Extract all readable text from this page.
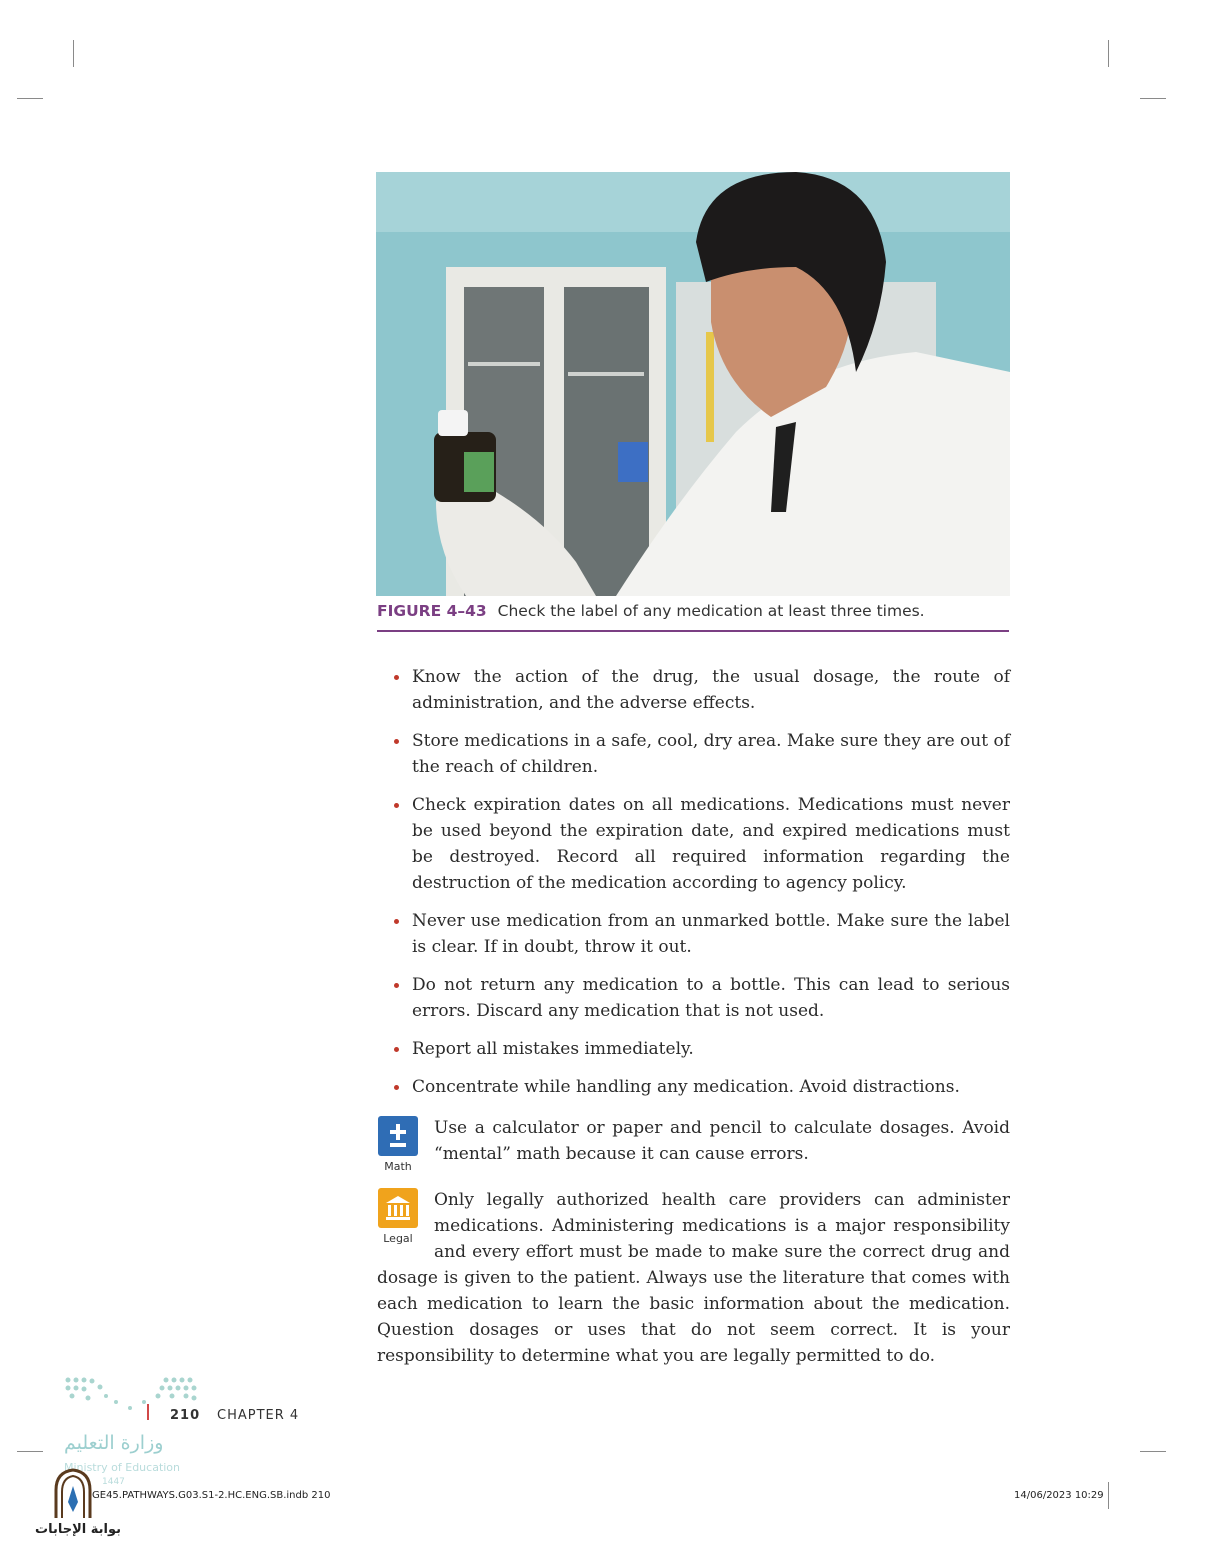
FIGURE 4–43 Check the label of any medication at least three times.
Know the action of the drug, the usual dosage, the route of administration, and the adverse effects.
Store medications in a safe, cool, dry area. Make sure they are out of the reach of children.
Check expiration dates on all medications. Medications must never be used beyond the expiration date, and expired medications must be destroyed. Record all required information regarding the destruction of the medication according to agency policy.
Never use medication from an unmarked bottle. Make sure the label is clear. If in doubt, throw it out.
Do not return any medication to a bottle. This can lead to serious errors. Discard any medication that is not used.
Report all mistakes immediately.
Concentrate while handling any medication. Avoid distractions.
Math
Use a calculator or paper and pencil to calculate dosages. Avoid “mental” math because it can cause errors.
Legal
Only legally authorized health care providers can administer medications. Administering medications is a major responsibility and every effort must be made to make sure the correct drug and dosage is given to the patient. Always use the literature that comes with each medication to learn the basic information about the medication. Question dosages or uses that do not seem correct. It is your responsibility to determine what you are legally permitted to do.
210 CHAPTER 4
وزارة التعليم
Ministry of Education
1447
بوابة الإجابات
GE45.PATHWAYS.G03.S1-2.HC.ENG.SB.indb 210	14/06/2023 10:29
